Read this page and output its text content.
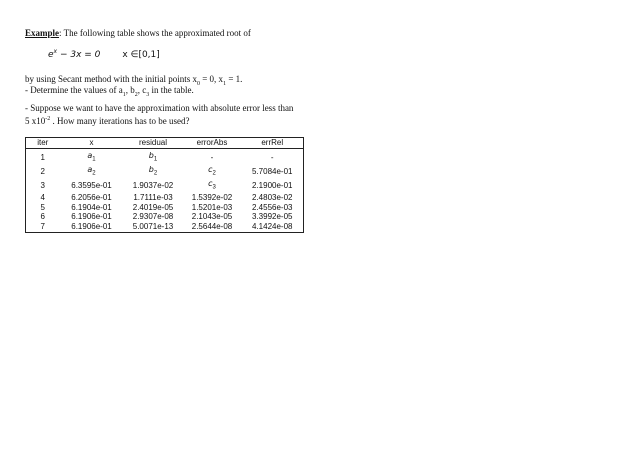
Example: The following table shows the approximated root of
$e^x - 3x = 0$ x ∈[0,1]
by using Secant method with the initial points $x_0 = 0$, $x_1 = 1$.
- Determine the values of $a_1$, $b_2$, $c_3$ in the table.
- Suppose we want to have the approximation with absolute error less than
5 $x10^{-2}$ . How many iterations has to be used?
iter	x	residual	errorAbs	errRel
1	$a_1$	$b_1$	-	-
2	$a_2$	$b_2$	$c_2$	5.7084e-01
3	6.3595e-01	1.9037e-02	$c_3$	2.1900e-01
4	6.2056e-01	1.7111e-03	1.5392e-02	2.4803e-02
5	6.1904e-01	2.4019e-05	1.5201e-03	2.4556e-03
6	6.1906e-01	2.9307e-08	2.1043e-05	3.3992e-05
7	6.1906e-01	5.0071e-13	2.5644e-08	4.1424e-08
